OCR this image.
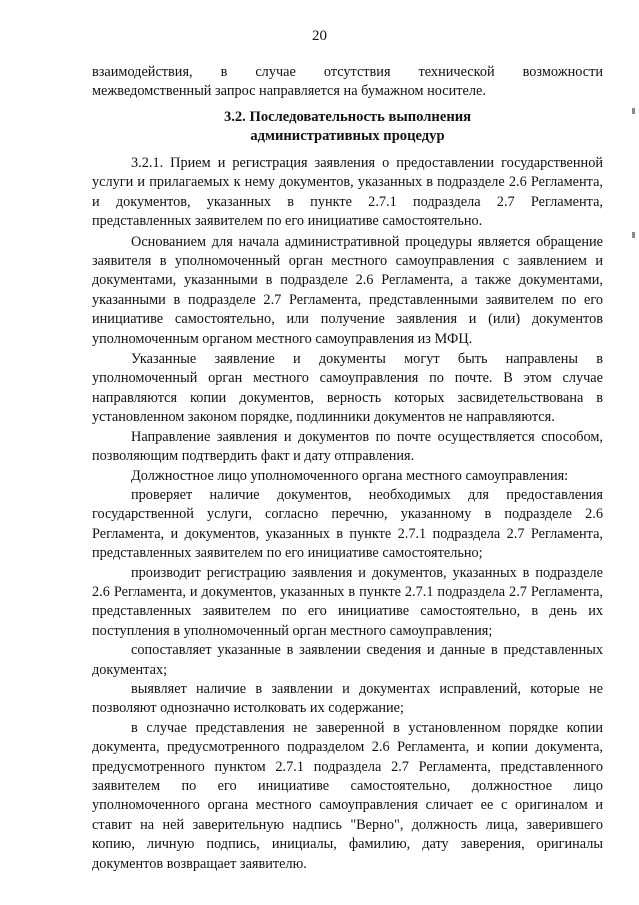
20

взаимодействия, в случае отсутствия технической возможности межведомственный запрос направляется на бумажном носителе.

3.2. Последовательность выполнения
административных процедур

3.2.1. Прием и регистрация заявления о предоставлении государственной услуги и прилагаемых к нему документов, указанных в подразделе 2.6 Регламента, и документов, указанных в пункте 2.7.1 подраздела 2.7 Регламента, представленных заявителем по его инициативе самостоятельно.

Основанием для начала административной процедуры является обращение заявителя в уполномоченный орган местного самоуправления с заявлением и документами, указанными в подразделе 2.6 Регламента, а также документами, указанными в подразделе 2.7 Регламента, представленными заявителем по его инициативе самостоятельно, или получение заявления и (или) документов уполномоченным органом местного самоуправления из МФЦ.

Указанные заявление и документы могут быть направлены в уполномоченный орган местного самоуправления по почте. В этом случае направляются копии документов, верность которых засвидетельствована в установленном законом порядке, подлинники документов не направляются.

Направление заявления и документов по почте осуществляется способом, позволяющим подтвердить факт и дату отправления.

Должностное лицо уполномоченного органа местного самоуправления:

проверяет наличие документов, необходимых для предоставления государственной услуги, согласно перечню, указанному в подразделе 2.6 Регламента, и документов, указанных в пункте 2.7.1 подраздела 2.7 Регламента, представленных заявителем по его инициативе самостоятельно;

производит регистрацию заявления и документов, указанных в подразделе 2.6 Регламента, и документов, указанных в пункте 2.7.1 подраздела 2.7 Регламента, представленных заявителем по его инициативе самостоятельно, в день их поступления в уполномоченный орган местного самоуправления;

сопоставляет указанные в заявлении сведения и данные в представленных документах;

выявляет наличие в заявлении и документах исправлений, которые не позволяют однозначно истолковать их содержание;

в случае представления не заверенной в установленном порядке копии документа, предусмотренного подразделом 2.6 Регламента, и копии документа, предусмотренного пунктом 2.7.1 подраздела 2.7 Регламента, представленного заявителем по его инициативе самостоятельно, должностное лицо уполномоченного органа местного самоуправления сличает ее с оригиналом и ставит на ней заверительную надпись "Верно", должность лица, заверившего копию, личную подпись, инициалы, фамилию, дату заверения, оригиналы документов возвращает заявителю.
